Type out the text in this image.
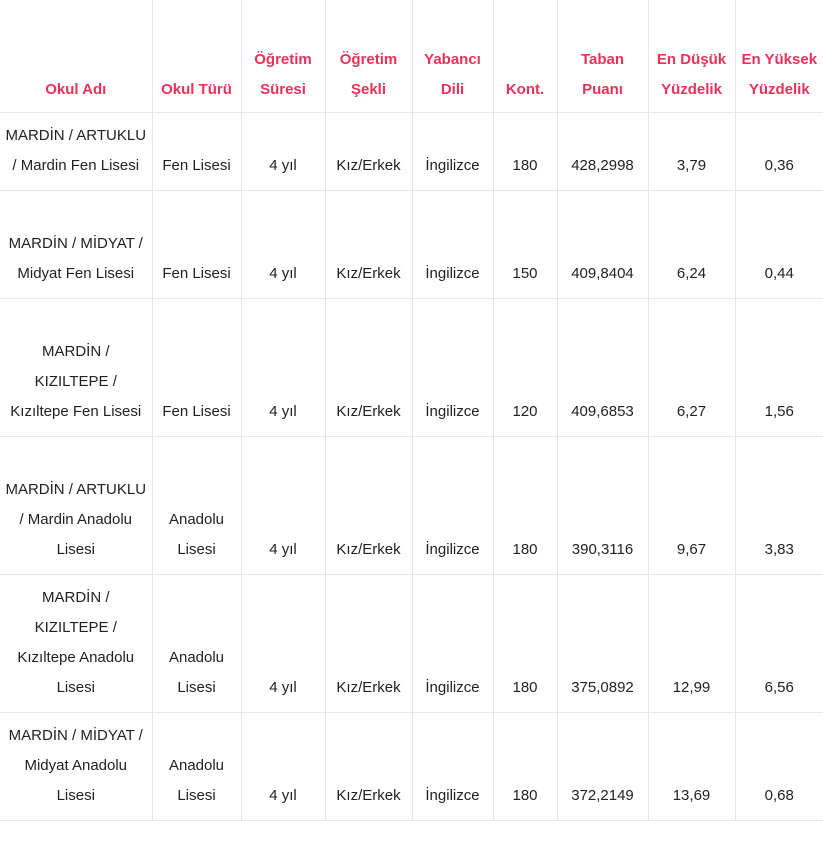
Okul Adı	Okul Türü	Öğretim Süresi	Öğretim Şekli	Yabancı Dili	Kont.	Taban Puanı	En Düşük Yüzdelik	En Yüksek Yüzdelik
MARDİN / ARTUKLU / Mardin Fen Lisesi	Fen Lisesi	4 yıl	Kız/Erkek	İngilizce	180	428,2998	3,79	0,36
MARDİN / MİDYAT / Midyat Fen Lisesi	Fen Lisesi	4 yıl	Kız/Erkek	İngilizce	150	409,8404	6,24	0,44
MARDİN / KIZILTEPE / Kızıltepe Fen Lisesi	Fen Lisesi	4 yıl	Kız/Erkek	İngilizce	120	409,6853	6,27	1,56
MARDİN / ARTUKLU / Mardin Anadolu Lisesi	Anadolu Lisesi	4 yıl	Kız/Erkek	İngilizce	180	390,3116	9,67	3,83
MARDİN / KIZILTEPE / Kızıltepe Anadolu Lisesi	Anadolu Lisesi	4 yıl	Kız/Erkek	İngilizce	180	375,0892	12,99	6,56
MARDİN / MİDYAT / Midyat Anadolu Lisesi	Anadolu Lisesi	4 yıl	Kız/Erkek	İngilizce	180	372,2149	13,69	0,68
